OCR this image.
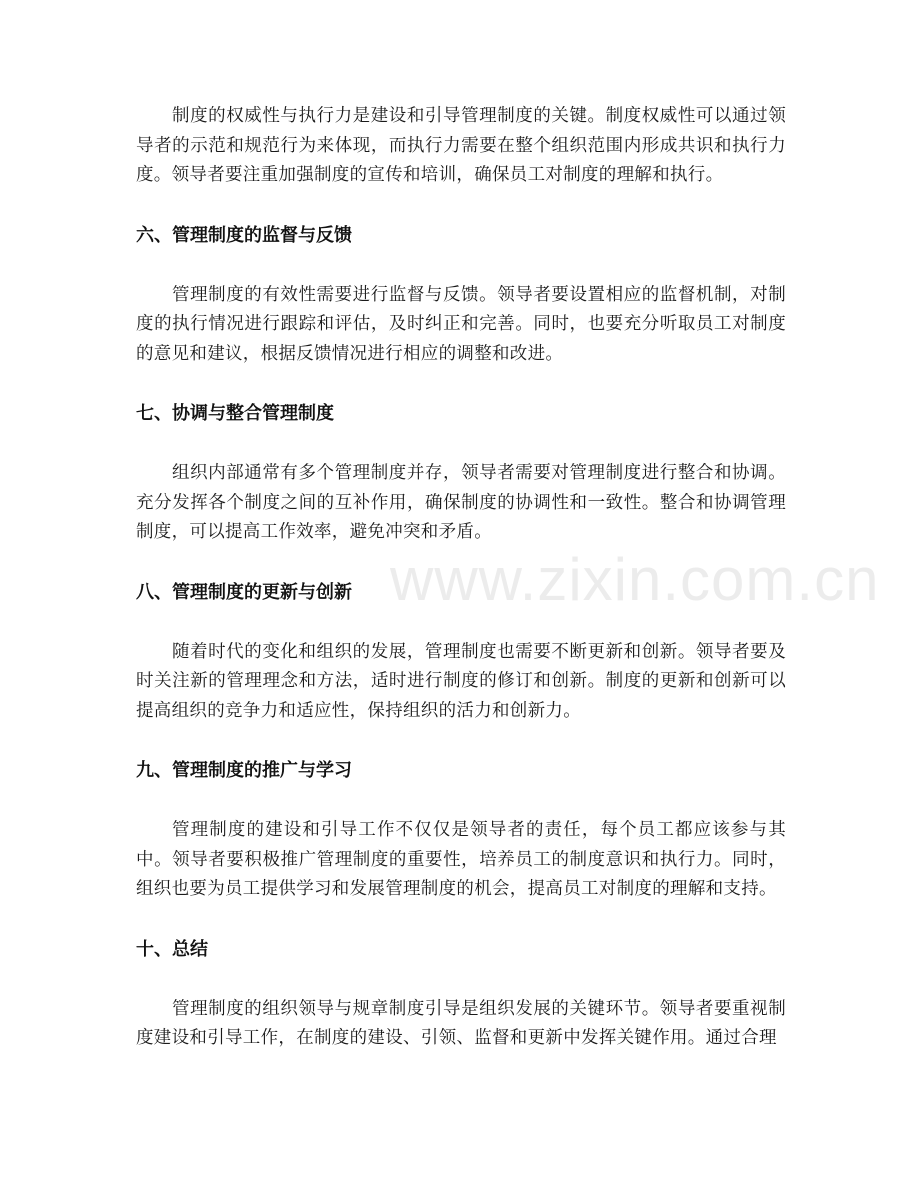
www.zixin.com.cn

制度的权威性与执行力是建设和引导管理制度的关键。制度权威性可以通过领导者的示范和规范行为来体现，而执行力需要在整个组织范围内形成共识和执行力度。领导者要注重加强制度的宣传和培训，确保员工对制度的理解和执行。

六、管理制度的监督与反馈

管理制度的有效性需要进行监督与反馈。领导者要设置相应的监督机制，对制度的执行情况进行跟踪和评估，及时纠正和完善。同时，也要充分听取员工对制度的意见和建议，根据反馈情况进行相应的调整和改进。

七、协调与整合管理制度

组织内部通常有多个管理制度并存，领导者需要对管理制度进行整合和协调。充分发挥各个制度之间的互补作用，确保制度的协调性和一致性。整合和协调管理制度，可以提高工作效率，避免冲突和矛盾。

八、管理制度的更新与创新

随着时代的变化和组织的发展，管理制度也需要不断更新和创新。领导者要及时关注新的管理理念和方法，适时进行制度的修订和创新。制度的更新和创新可以提高组织的竞争力和适应性，保持组织的活力和创新力。

九、管理制度的推广与学习

管理制度的建设和引导工作不仅仅是领导者的责任，每个员工都应该参与其中。领导者要积极推广管理制度的重要性，培养员工的制度意识和执行力。同时，组织也要为员工提供学习和发展管理制度的机会，提高员工对制度的理解和支持。

十、总结

管理制度的组织领导与规章制度引导是组织发展的关键环节。领导者要重视制度建设和引导工作，在制度的建设、引领、监督和更新中发挥关键作用。通过合理
